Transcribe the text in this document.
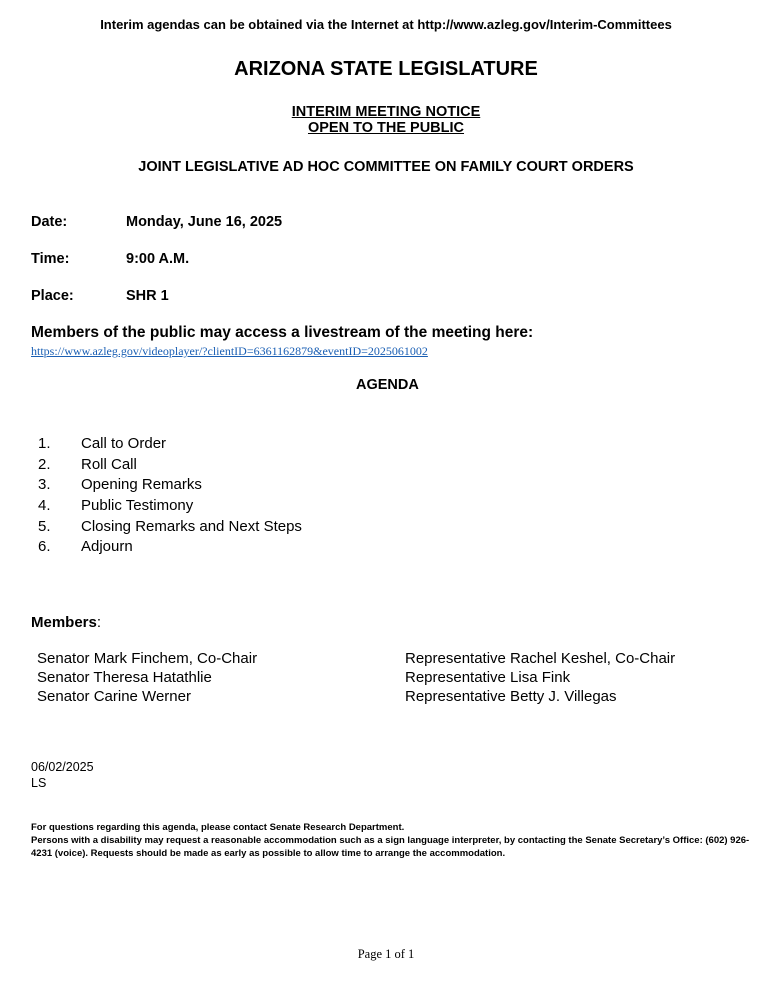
Interim agendas can be obtained via the Internet at http://www.azleg.gov/Interim-Committees
ARIZONA STATE LEGISLATURE
INTERIM MEETING NOTICE
OPEN TO THE PUBLIC
JOINT LEGISLATIVE AD HOC COMMITTEE ON FAMILY COURT ORDERS
Date:	Monday, June 16, 2025
Time:	9:00 A.M.
Place:	SHR 1
Members of the public may access a livestream of the meeting here:
https://www.azleg.gov/videoplayer/?clientID=6361162879&eventID=2025061002
AGENDA
1. Call to Order
2. Roll Call
3. Opening Remarks
4. Public Testimony
5. Closing Remarks and Next Steps
6. Adjourn
Members:
Senator Mark Finchem, Co-Chair
Senator Theresa Hatathlie
Senator Carine Werner
Representative Rachel Keshel, Co-Chair
Representative Lisa Fink
Representative Betty J. Villegas
06/02/2025
LS
For questions regarding this agenda, please contact Senate Research Department.
Persons with a disability may request a reasonable accommodation such as a sign language interpreter, by contacting the Senate Secretary’s Office: (602) 926-4231 (voice). Requests should be made as early as possible to allow time to arrange the accommodation.
Page 1 of 1
